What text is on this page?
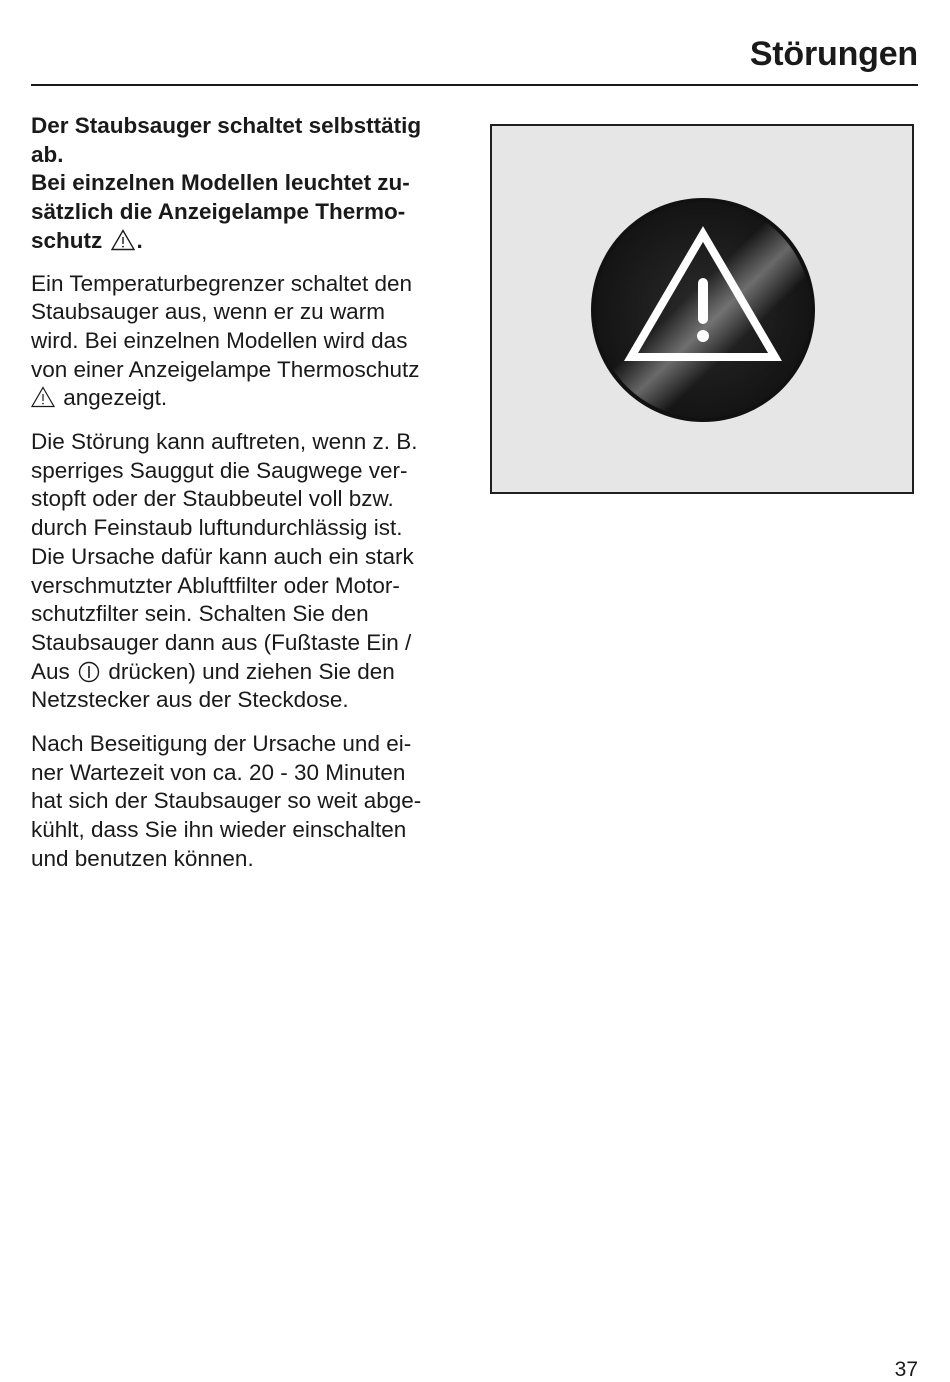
Störungen
Der Staubsauger schaltet selbsttätig
ab.
Bei einzelnen Modellen leuchtet zu-
sätzlich die Anzeigelampe Thermo-
schutz .
Ein Temperaturbegrenzer schaltet den
Staubsauger aus, wenn er zu warm
wird. Bei einzelnen Modellen wird das
von einer Anzeigelampe Thermoschutz
angezeigt.
Die Störung kann auftreten, wenn z. B.
sperriges Sauggut die Saugwege ver-
stopft oder der Staubbeutel voll bzw.
durch Feinstaub luftundurchlässig ist.
Die Ursache dafür kann auch ein stark
verschmutzter Abluftfilter oder Motor-
schutzfilter sein. Schalten Sie den
Staubsauger dann aus (Fußtaste Ein /
Aus drücken) und ziehen Sie den
Netzstecker aus der Steckdose.
Nach Beseitigung der Ursache und ei-
ner Wartezeit von ca. 20 - 30 Minuten
hat sich der Staubsauger so weit abge-
kühlt, dass Sie ihn wieder einschalten
und benutzen können.
37
